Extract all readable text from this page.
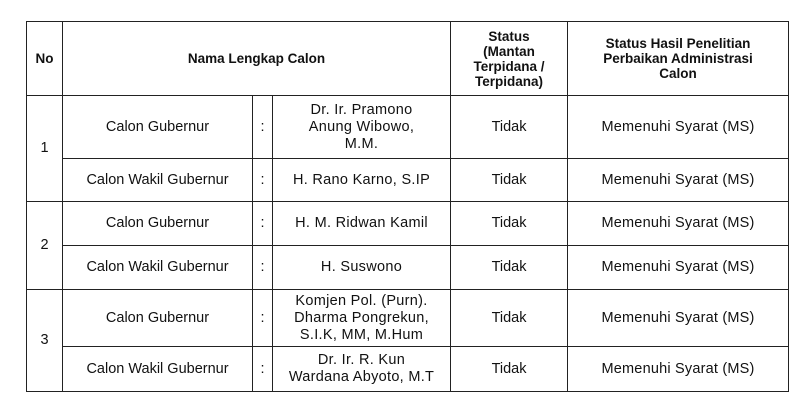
No	Nama Lengkap Calon			Status
(Mantan
Terpidana /
Terpidana)	Status Hasil Penelitian
Perbaikan Administrasi
Calon

1	Calon Gubernur	:	Dr. Ir. Pramono
Anung Wibowo,
M.M.	Tidak	Memenuhi Syarat (MS)
	Calon Wakil Gubernur	:	H. Rano Karno, S.IP	Tidak	Memenuhi Syarat (MS)
2	Calon Gubernur	:	H. M. Ridwan Kamil	Tidak	Memenuhi Syarat (MS)
	Calon Wakil Gubernur	:	H. Suswono	Tidak	Memenuhi Syarat (MS)
3	Calon Gubernur	:	Komjen Pol. (Purn).
Dharma Pongrekun,
S.I.K, MM, M.Hum	Tidak	Memenuhi Syarat (MS)
	Calon Wakil Gubernur	:	Dr. Ir. R. Kun
Wardana Abyoto, M.T	Tidak	Memenuhi Syarat (MS)
